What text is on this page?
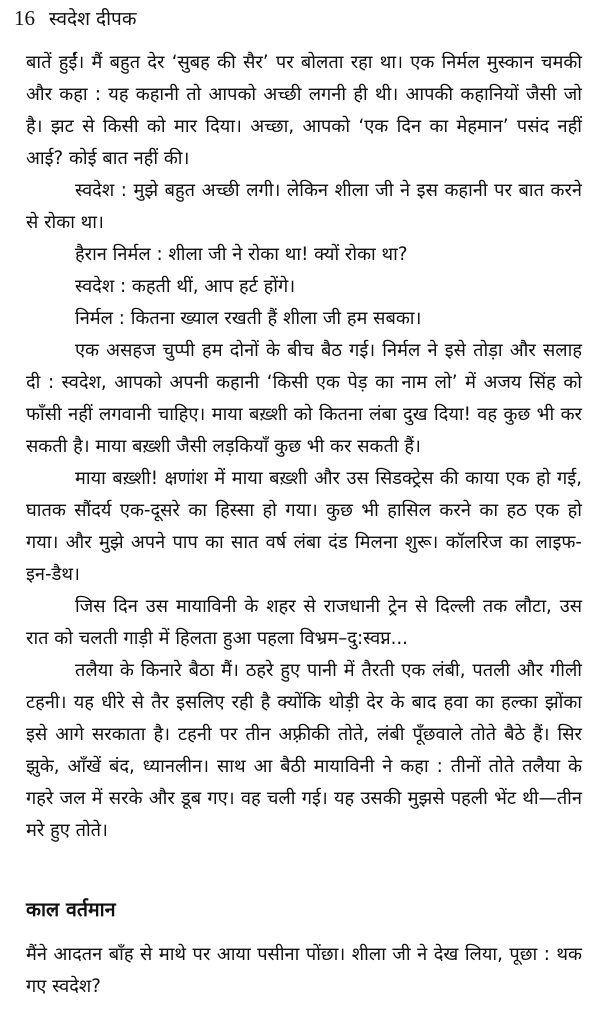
16 स्वदेश दीपक

बातें हुईं। मैं बहुत देर ‘सुबह की सैर’ पर बोलता रहा था। एक निर्मल मुस्कान चमकी और कहा : यह कहानी तो आपको अच्छी लगनी ही थी। आपकी कहानियों जैसी जो है। झट से किसी को मार दिया। अच्छा, आपको ‘एक दिन का मेहमान’ पसंद नहीं आई? कोई बात नहीं की।

स्वदेश : मुझे बहुत अच्छी लगी। लेकिन शीला जी ने इस कहानी पर बात करने से रोका था।

हैरान निर्मल : शीला जी ने रोका था! क्यों रोका था?

स्वदेश : कहती थीं, आप हर्ट होंगे।

निर्मल : कितना ख्याल रखती हैं शीला जी हम सबका।

एक असहज चुप्पी हम दोनों के बीच बैठ गई। निर्मल ने इसे तोड़ा और सलाह दी : स्वदेश, आपको अपनी कहानी ‘किसी एक पेड़ का नाम लो’ में अजय सिंह को फाँसी नहीं लगवानी चाहिए। माया बख़्शी को कितना लंबा दुख दिया! वह कुछ भी कर सकती है। माया बख़्शी जैसी लड़कियाँ कुछ भी कर सकती हैं।

माया बख़्शी! क्षणांश में माया बख़्शी और उस सिडक्ट्रेस की काया एक हो गई, घातक सौंदर्य एक-दूसरे का हिस्सा हो गया। कुछ भी हासिल करने का हठ एक हो गया। और मुझे अपने पाप का सात वर्ष लंबा दंड मिलना शुरू। कॉलरिज का लाइफ-इन-डैथ।

जिस दिन उस मायाविनी के शहर से राजधानी ट्रेन से दिल्ली तक लौटा, उस रात को चलती गाड़ी में हिलता हुआ पहला विभ्रम–दु:स्वप्न...

तलैया के किनारे बैठा मैं। ठहरे हुए पानी में तैरती एक लंबी, पतली और गीली टहनी। यह धीरे से तैर इसलिए रही है क्योंकि थोड़ी देर के बाद हवा का हल्का झोंका इसे आगे सरकाता है। टहनी पर तीन अफ़्रीकी तोते, लंबी पूँछवाले तोते बैठे हैं। सिर झुके, आँखें बंद, ध्यानलीन। साथ आ बैठी मायाविनी ने कहा : तीनों तोते तलैया के गहरे जल में सरके और डूब गए। वह चली गई। यह उसकी मुझसे पहली भेंट थी—तीन मरे हुए तोते।

काल वर्तमान

मैंने आदतन बाँह से माथे पर आया पसीना पोंछा। शीला जी ने देख लिया, पूछा : थक गए स्वदेश?
